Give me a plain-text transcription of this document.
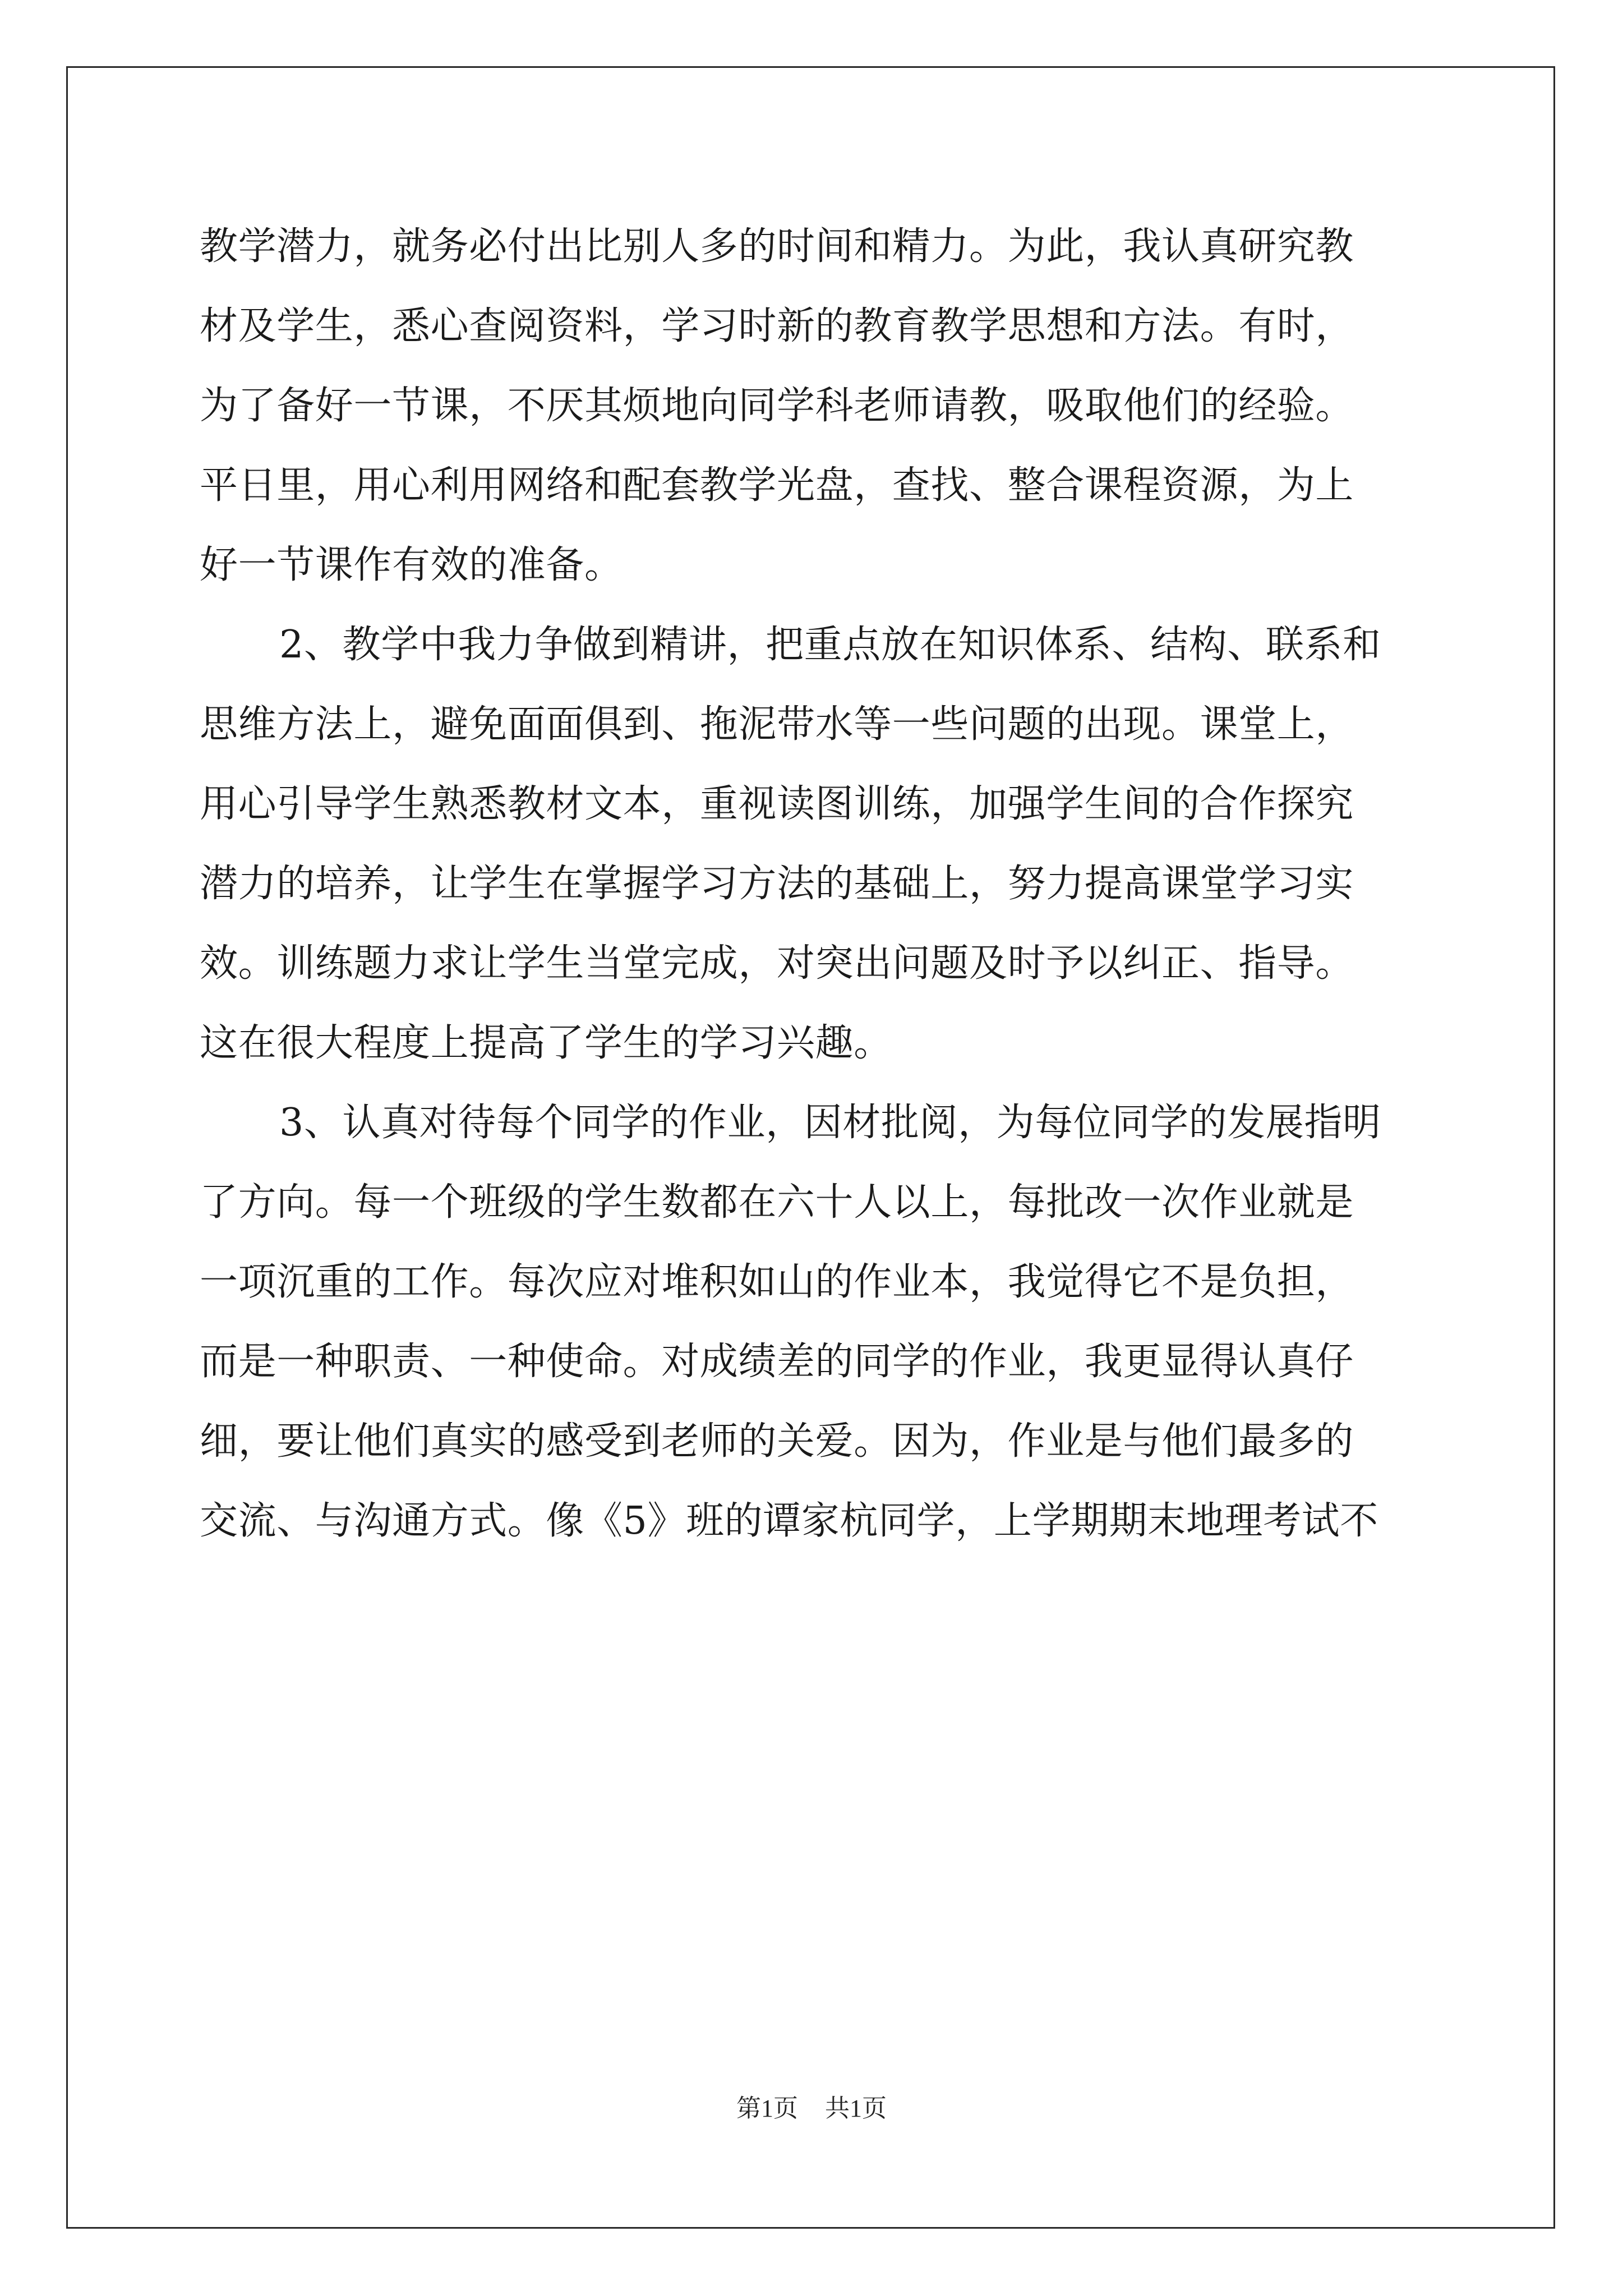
教学潜力，就务必付出比别人多的时间和精力。为此，我认真研究教
材及学生，悉心查阅资料，学习时新的教育教学思想和方法。有时，
为了备好一节课，不厌其烦地向同学科老师请教，吸取他们的经验。
平日里，用心利用网络和配套教学光盘，查找、整合课程资源，为上
好一节课作有效的准备。
2、教学中我力争做到精讲，把重点放在知识体系、结构、联系和
思维方法上，避免面面俱到、拖泥带水等一些问题的出现。课堂上，
用心引导学生熟悉教材文本，重视读图训练，加强学生间的合作探究
潜力的培养，让学生在掌握学习方法的基础上，努力提高课堂学习实
效。训练题力求让学生当堂完成，对突出问题及时予以纠正、指导。
这在很大程度上提高了学生的学习兴趣。
3、认真对待每个同学的作业，因材批阅，为每位同学的发展指明
了方向。每一个班级的学生数都在六十人以上，每批改一次作业就是
一项沉重的工作。每次应对堆积如山的作业本，我觉得它不是负担，
而是一种职责、一种使命。对成绩差的同学的作业，我更显得认真仔
细，要让他们真实的感受到老师的关爱。因为，作业是与他们最多的
交流、与沟通方式。像《5》班的谭家杭同学，上学期期末地理考试不
第1页 共1页
